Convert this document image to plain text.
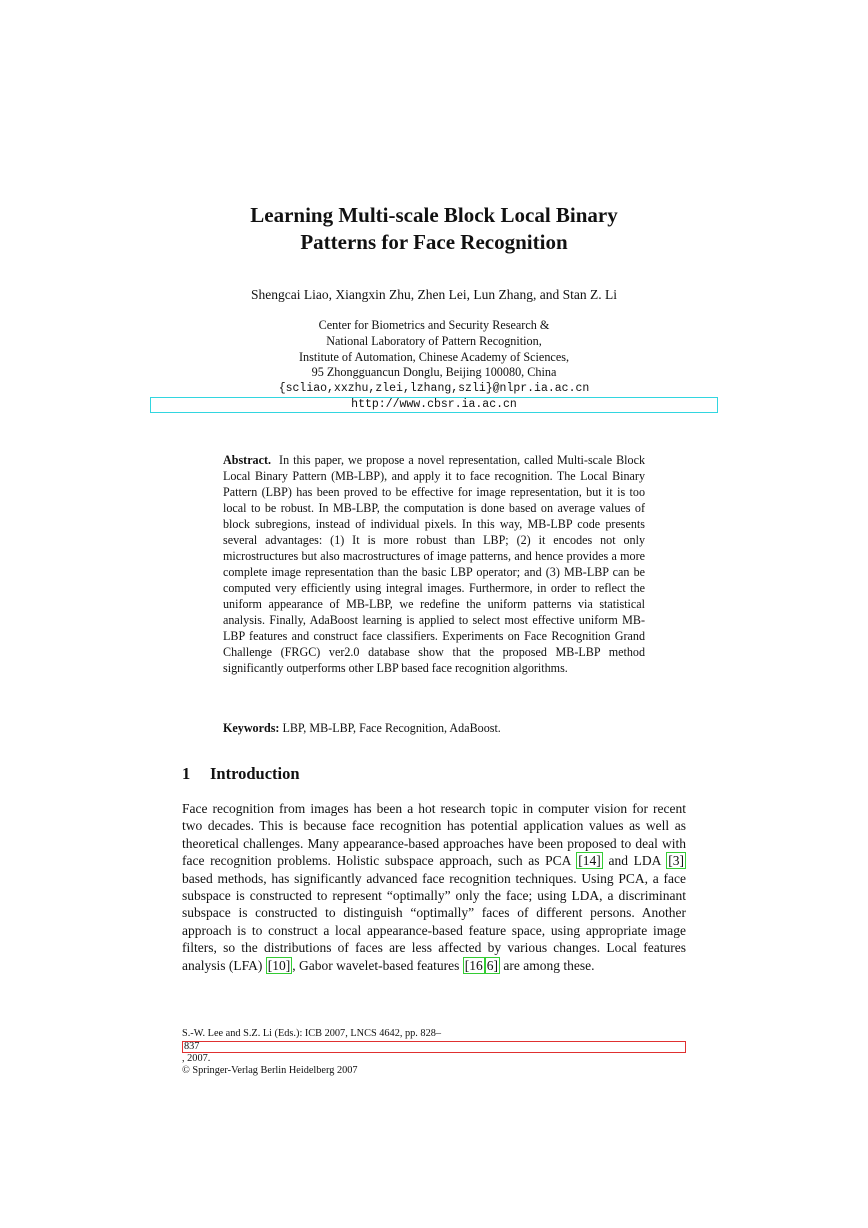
Learning Multi-scale Block Local Binary
Patterns for Face Recognition
Shengcai Liao, Xiangxin Zhu, Zhen Lei, Lun Zhang, and Stan Z. Li
Center for Biometrics and Security Research &
National Laboratory of Pattern Recognition,
Institute of Automation, Chinese Academy of Sciences,
95 Zhongguancun Donglu, Beijing 100080, China
{scliao,xxzhu,zlei,lzhang,szli}@nlpr.ia.ac.cn
http://www.cbsr.ia.ac.cn

Abstract. In this paper, we propose a novel representation, called Multi-scale Block Local Binary Pattern (MB-LBP), and apply it to face recognition. The Local Binary Pattern (LBP) has been proved to be effective for image representation, but it is too local to be robust. In MB-LBP, the computation is done based on average values of block subregions, instead of individual pixels. In this way, MB-LBP code presents several advantages: (1) It is more robust than LBP; (2) it encodes not only microstructures but also macrostructures of image patterns, and hence provides a more complete image representation than the basic LBP operator; and (3) MB-LBP can be computed very efficiently using integral images. Furthermore, in order to reflect the uniform appearance of MB-LBP, we redefine the uniform patterns via statistical analysis. Finally, AdaBoost learning is applied to select most effective uniform MB-LBP features and construct face classifiers. Experiments on Face Recognition Grand Challenge (FRGC) ver2.0 database show that the proposed MB-LBP method significantly outperforms other LBP based face recognition algorithms.

Keywords: LBP, MB-LBP, Face Recognition, AdaBoost.
1 Introduction

Face recognition from images has been a hot research topic in computer vision for recent two decades. This is because face recognition has potential application values as well as theoretical challenges. Many appearance-based approaches have been proposed to deal with face recognition problems. Holistic subspace approach, such as PCA [14] and LDA [3] based methods, has significantly advanced face recognition techniques. Using PCA, a face subspace is constructed to represent “optimally” only the face; using LDA, a discriminant subspace is constructed to distinguish “optimally” faces of different persons. Another approach is to construct a local appearance-based feature space, using appropriate image filters, so the distributions of faces are less affected by various changes. Local features analysis (LFA) [10] , Gabor wavelet-based features [16 6] are among these.

S.-W. Lee and S.Z. Li (Eds.): ICB 2007, LNCS 4642, pp. 828–
837
, 2007.
© Springer-Verlag Berlin Heidelberg 2007
